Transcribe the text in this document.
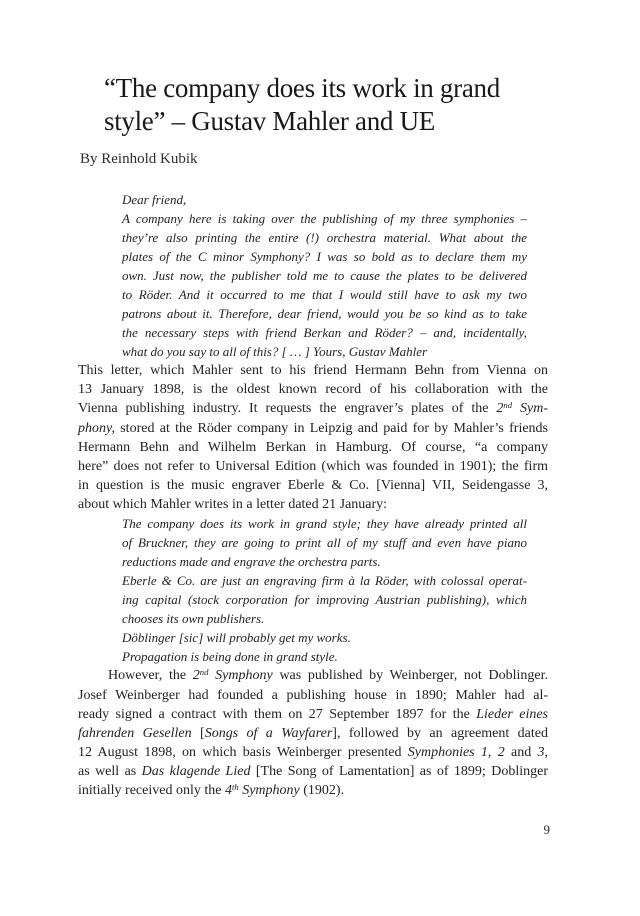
“The company does its work in grand
style” – Gustav Mahler and UE
By Reinhold Kubik
Dear friend,
A company here is taking over the publishing of my three symphonies –
they’re also printing the entire (!) orchestra material. What about the
plates of the C minor Symphony? I was so bold as to declare them my
own. Just now, the publisher told me to cause the plates to be delivered
to Röder. And it occurred to me that I would still have to ask my two
patrons about it. Therefore, dear friend, would you be so kind as to take
the necessary steps with friend Berkan and Röder? – and, incidentally,
what do you say to all of this? [ … ] Yours, Gustav Mahler
This letter, which Mahler sent to his friend Hermann Behn from Vienna on
13 January 1898, is the oldest known record of his collaboration with the
Vienna publishing industry. It requests the engraver’s plates of the 2nd Sym-
phony, stored at the Röder company in Leipzig and paid for by Mahler’s friends
Hermann Behn and Wilhelm Berkan in Hamburg. Of course, “a company
here” does not refer to Universal Edition (which was founded in 1901); the firm
in question is the music engraver Eberle & Co. [Vienna] VII, Seidengasse 3,
about which Mahler writes in a letter dated 21 January:
The company does its work in grand style; they have already printed all
of Bruckner, they are going to print all of my stuff and even have piano
reductions made and engrave the orchestra parts.
Eberle & Co. are just an engraving firm à la Röder, with colossal operat-
ing capital (stock corporation for improving Austrian publishing), which
chooses its own publishers.
Döblinger [sic] will probably get my works.
Propagation is being done in grand style.
However, the 2nd Symphony was published by Weinberger, not Doblinger.
Josef Weinberger had founded a publishing house in 1890; Mahler had al-
ready signed a contract with them on 27 September 1897 for the Lieder eines
fahrenden Gesellen [Songs of a Wayfarer], followed by an agreement dated
12 August 1898, on which basis Weinberger presented Symphonies 1, 2 and 3,
as well as Das klagende Lied [The Song of Lamentation] as of 1899; Doblinger
initially received only the 4th Symphony (1902).
9
